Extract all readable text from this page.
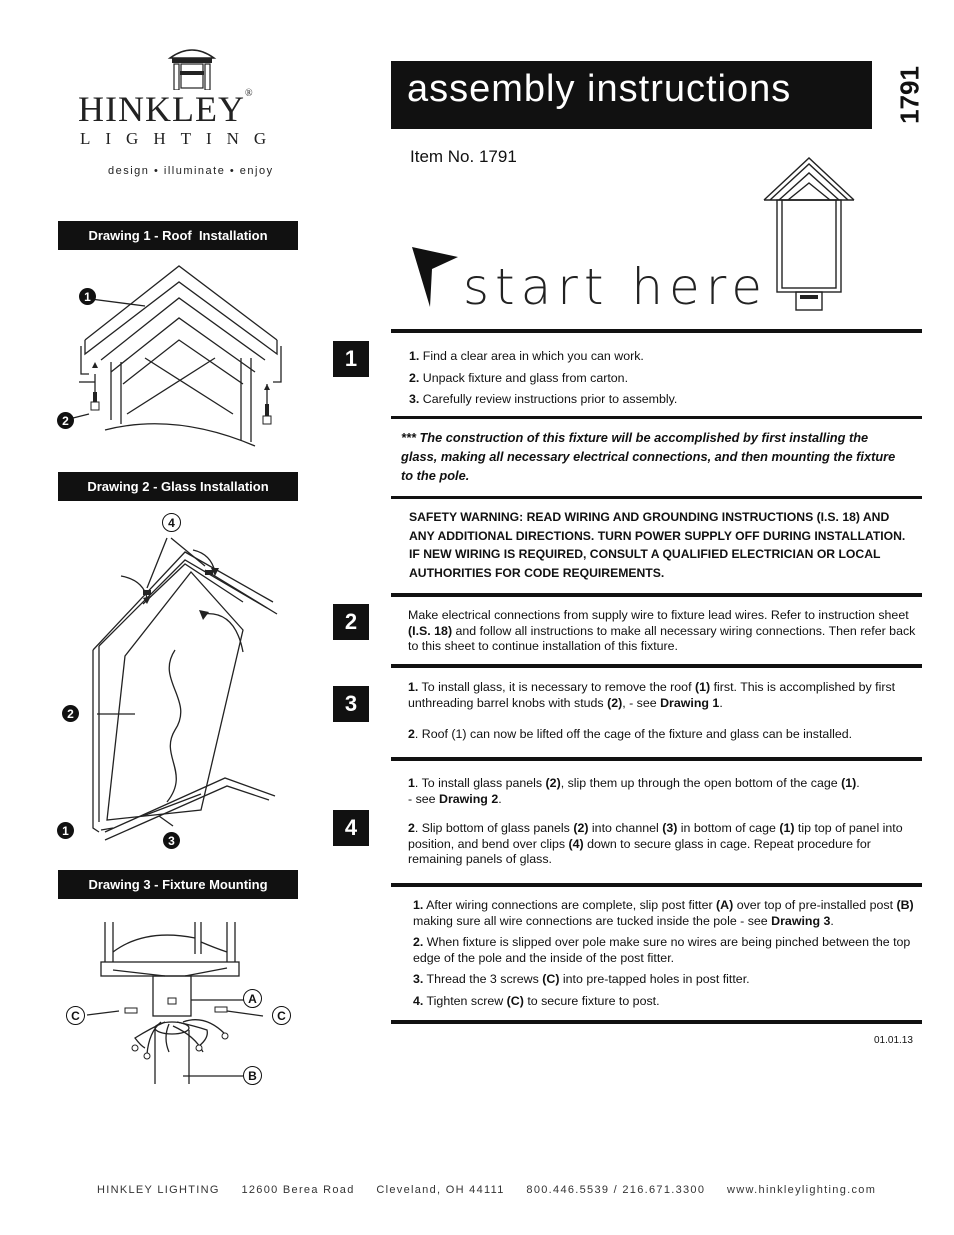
HINKLEY®
LIGHTING
design • illuminate • enjoy
assembly instructions	1791
Item No. 1791
start here
Drawing 1 - Roof  Installation
1
2
Drawing 2 - Glass Installation
4
2
1
3
Drawing 3 - Fixture Mounting
A
C	C
B
1	1. Find a clear area in which you can work.

2. Unpack fixture and glass from carton.

3. Carefully review instructions prior to assembly.

*** The construction of this fixture will be accomplished by first installing the glass, making all necessary electrical connections, and then mounting the fixture to the pole.
SAFETY WARNING: READ WIRING AND GROUNDING INSTRUCTIONS (I.S. 18) AND ANY ADDITIONAL DIRECTIONS. TURN POWER SUPPLY OFF DURING INSTALLATION. IF NEW WIRING IS REQUIRED, CONSULT A QUALIFIED ELECTRICIAN OR LOCAL AUTHORITIES FOR CODE REQUIREMENTS.
2	Make electrical connections from supply wire to fixture lead wires. Refer to instruction sheet (I.S. 18) and follow all instructions to make all necessary wiring connections. Then refer back to this sheet to continue installation of this fixture.
3

1. To install glass, it is necessary to remove the roof (1) first. This is accomplished by first unthreading barrel knobs with studs (2), - see Drawing 1.

2. Roof (1) can now be lifted off the cage of the fixture and glass can be installed.

4

1. To install glass panels (2), slip them up through the open bottom of the cage (1).
- see Drawing 2.

2. Slip bottom of glass panels (2) into channel (3) in bottom of cage (1) tip top of panel into position, and bend over clips (4) down to secure glass in cage. Repeat procedure for remaining panels of glass.

1. After wiring connections are complete, slip post fitter (A) over top of pre-installed post (B) making sure all wire connections are tucked inside the pole - see Drawing 3.

2. When fixture is slipped over pole make sure no wires are being pinched between the top edge of the pole and the inside of the post fitter.

3. Thread the 3 screws (C) into pre-tapped holes in post fitter.

4. Tighten screw (C) to secure fixture to post.

01.01.13
HINKLEY LIGHTING     12600 Berea Road     Cleveland, OH 44111     800.446.5539 / 216.671.3300     www.hinkleylighting.com
